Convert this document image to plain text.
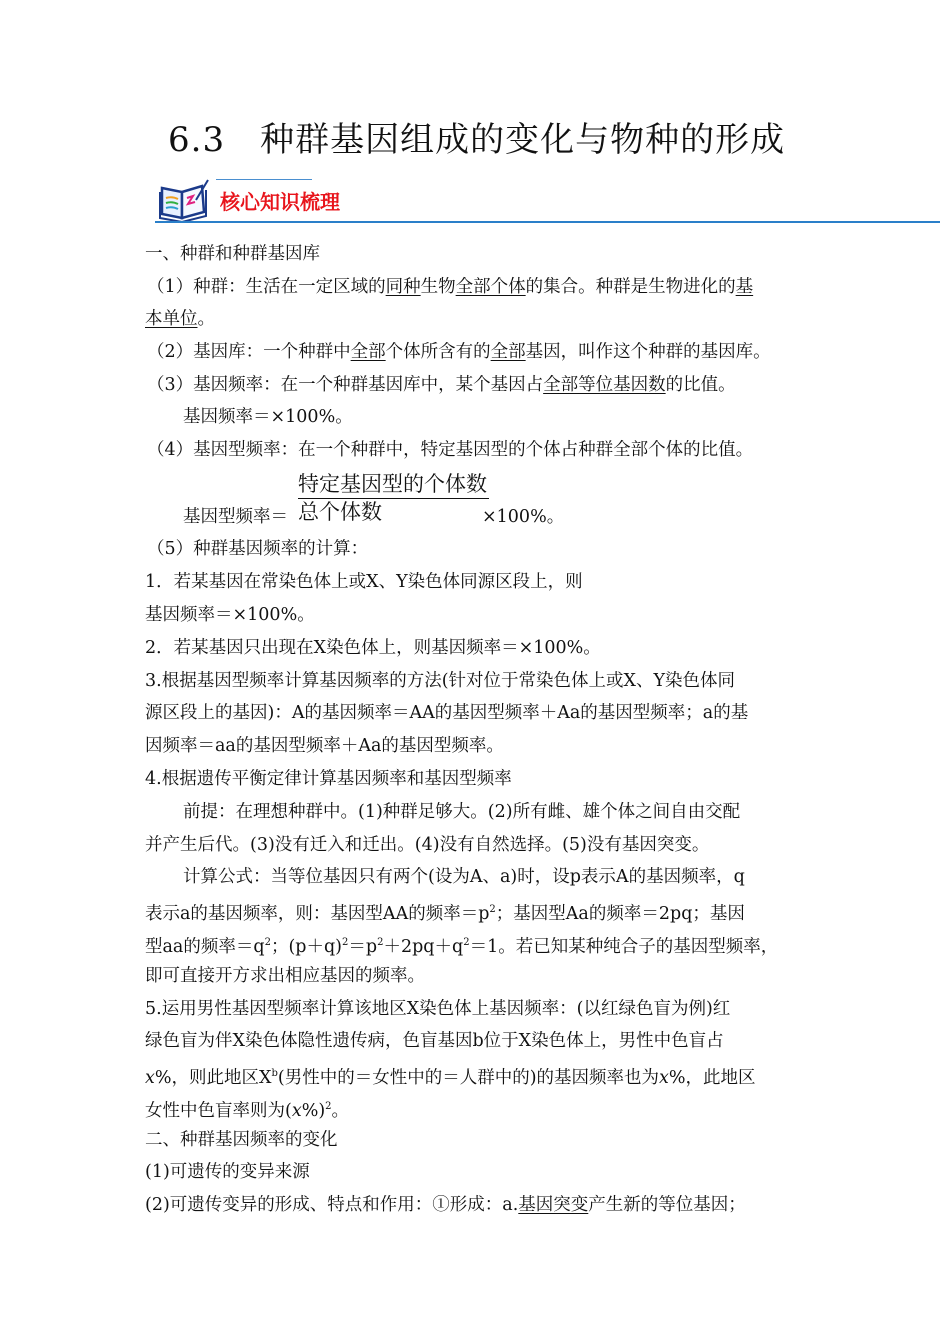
6.3　种群基因组成的变化与物种的形成
核心知识梳理
一、种群和种群基因库
（1）种群：生活在一定区域的同种生物全部个体的集合。种群是生物进化的基
本单位。
（2）基因库：一个种群中全部个体所含有的全部基因，叫作这个种群的基因库。
（3）基因频率：在一个种群基因库中，某个基因占全部等位基因数的比值。
基因频率＝×100%。
（4）基因型频率：在一个种群中，特定基因型的个体占种群全部个体的比值。
（5）种群基因频率的计算：
1．若某基因在常染色体上或X、Y染色体同源区段上，则
基因频率＝×100%。
2．若某基因只出现在X染色体上，则基因频率＝×100%。
3.根据基因型频率计算基因频率的方法(针对位于常染色体上或X、Y染色体同
源区段上的基因)：A的基因频率＝AA的基因型频率＋Aa的基因型频率；a的基
因频率＝aa的基因型频率＋Aa的基因型频率。
4.根据遗传平衡定律计算基因频率和基因型频率
前提：在理想种群中。(1)种群足够大。(2)所有雌、雄个体之间自由交配
并产生后代。(3)没有迁入和迁出。(4)没有自然选择。(5)没有基因突变。
计算公式：当等位基因只有两个(设为A、a)时，设p表示A的基因频率，q
表示a的基因频率，则：基因型AA的频率$=p^2$；基因型Aa的频率＝2pq；基因
型aa的频率$=q^2$；$(p+q)^2=p^2+2pq+q^2=1$。若已知某种纯合子的基因型频率，
即可直接开方求出相应基因的频率。
5.运用男性基因型频率计算该地区X染色体上基因频率：(以红绿色盲为例)红
绿色盲为伴X染色体隐性遗传病，色盲基因b位于X染色体上，男性中色盲占
x%，则此地区$X^b$(男性中的＝女性中的＝人群中的)的基因频率也为x%，此地区
女性中色盲率则为$(x\%)^2$。
二、种群基因频率的变化
(1)可遗传的变异来源
(2)可遗传变异的形成、特点和作用：①形成：a.基因突变产生新的等位基因；
特定基因型的个体数
总个体数
基因型频率＝	×100%。
